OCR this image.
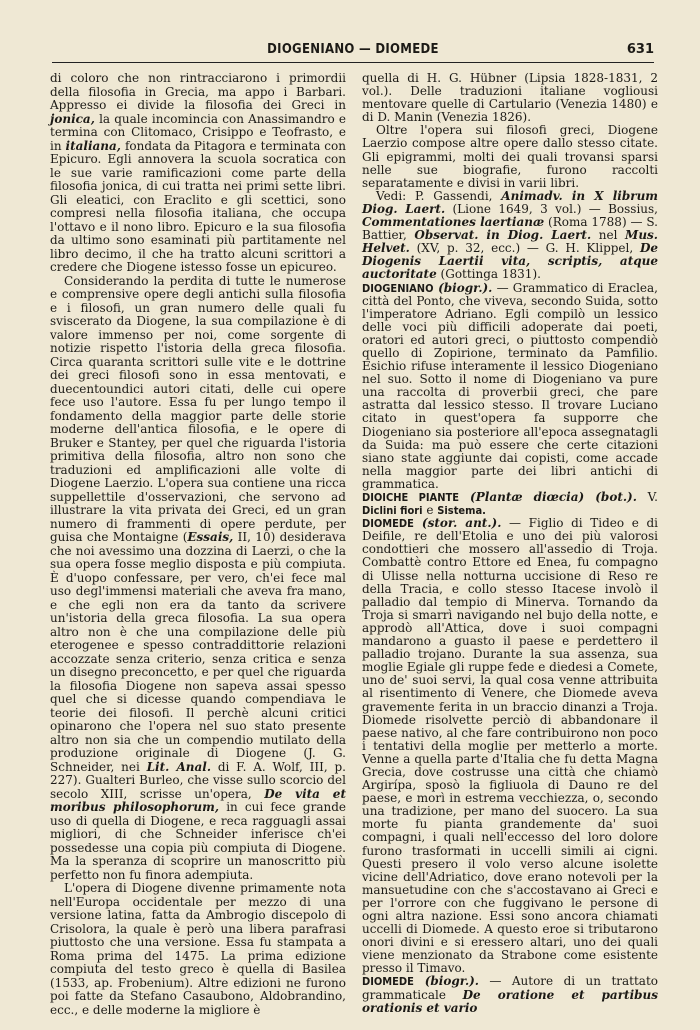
DIOGENIANO — DIOMEDE	631

di coloro che non rintracciarono i primordii della filosofia in Grecia, ma appo i Barbari. Appresso ei divide la filosofia dei Greci in jonica, la quale incomincia con Anassimandro e termina con Clitomaco, Crisippo e Teofrasto, e in italiana, fondata da Pitagora e terminata con Epicuro. Egli annovera la scuola socratica con le sue varie ramificazioni come parte della filosofia jonica, di cui tratta nei primi sette libri. Gli eleatici, con Eraclito e gli scettici, sono compresi nella filosofia italiana, che occupa l'ottavo e il nono libro. Epicuro e la sua filosofia da ultimo sono esaminati più partitamente nel libro decimo, il che ha tratto alcuni scrittori a credere che Diogene istesso fosse un epicureo.

Considerando la perdita di tutte le numerose e comprensive opere degli antichi sulla filosofia e i filosofi, un gran numero delle quali fu sviscerato da Diogene, la sua compilazione è di valore immenso per noi, come sorgente di notizie rispetto l'istoria della greca filosofia. Circa quaranta scrittori sulle vite e le dottrine dei greci filosofi sono in essa mentovati, e duecentoundici autori citati, delle cui opere fece uso l'autore. Essa fu per lungo tempo il fondamento della maggior parte delle storie moderne dell'antica filosofia, e le opere di Bruker e Stantey, per quel che riguarda l'istoria primitiva della filosofia, altro non sono che traduzioni ed amplificazioni alle volte di Diogene Laerzio. L'opera sua contiene una ricca suppellettile d'osservazioni, che servono ad illustrare la vita privata dei Greci, ed un gran numero di frammenti di opere perdute, per guisa che Montaigne (Essais, II, 10) desiderava che noi avessimo una dozzina di Laerzi, o che la sua opera fosse meglio disposta e più compiuta. È d'uopo confessare, per vero, ch'ei fece mal uso degl'immensi materiali che aveva fra mano, e che egli non era da tanto da scrivere un'istoria della greca filosofia. La sua opera altro non è che una compilazione delle più eterogenee e spesso contraddittorie relazioni accozzate senza criterio, senza critica e senza un disegno preconcetto, e per quel che riguarda la filosofia Diogene non sapeva assai spesso quel che si dicesse quando compendiava le teorie dei filosofi. Il perchè alcuni critici opinarono che l'opera nel suo stato presente altro non sia che un compendio mutilato della produzione originale di Diogene (J. G. Schneider, nei Lit. Anal. di F. A. Wolf, III, p. 227). Gualteri Burleo, che visse sullo scorcio del secolo XIII, scrisse un'opera, De vita et moribus philosophorum, in cui fece grande uso di quella di Diogene, e reca ragguagli assai migliori, di che Schneider inferisce ch'ei possedesse una copia più compiuta di Diogene. Ma la speranza di scoprire un manoscritto più perfetto non fu finora adempiuta.

L'opera di Diogene divenne primamente nota nell'Europa occidentale per mezzo di una versione latina, fatta da Ambrogio discepolo di Crisolora, la quale è però una libera parafrasi piuttosto che una versione. Essa fu stampata a Roma prima del 1475. La prima edizione compiuta del testo greco è quella di Basilea (1533, ap. Frobenium). Altre edizioni ne furono poi fatte da Stefano Casaubono, Aldobrandino, ecc., e delle moderne la migliore è

quella di H. G. Hübner (Lipsia 1828-1831, 2 vol.). Delle traduzioni italiane vogliousi mentovare quelle di Cartulario (Venezia 1480) e di D. Manin (Venezia 1826).

Oltre l'opera sui filosofi greci, Diogene Laerzio compose altre opere dallo stesso citate. Gli epigrammi, molti dei quali trovansi sparsi nelle sue biografie, furono raccolti separatamente e divisi in varii libri.

Vedi: P. Gassendi, Animadv. in X librum Diog. Laert. (Lione 1649, 3 vol.) — Bossius, Commentationes laertianæ (Roma 1788) — S. Battier, Observat. in Diog. Laert. nel Mus. Helvet. (XV, p. 32, ecc.) — G. H. Klippel, De Diogenis Laertii vita, scriptis, atque auctoritate (Gottinga 1831).

DIOGENIANO (biogr.). — Grammatico di Eraclea, città del Ponto, che viveva, secondo Suida, sotto l'imperatore Adriano. Egli compilò un lessico delle voci più difficili adoperate dai poeti, oratori ed autori greci, o piuttosto compendiò quello di Zopirione, terminato da Pamfilio. Esichio rifuse interamente il lessico Diogeniano nel suo. Sotto il nome di Diogeniano va pure una raccolta di proverbii greci, che pare astratta dal lessico stesso. Il trovare Luciano citato in quest'opera fa supporre che Diogeniano sia posteriore all'epoca assegnatagli da Suida: ma può essere che certe citazioni siano state aggiunte dai copisti, come accade nella maggior parte dei libri antichi di grammatica.

DIOICHE PIANTE (Plantæ diœcia) (bot.). V. Diclini fiori e Sistema.

DIOMEDE (stor. ant.). — Figlio di Tideo e di Deifile, re dell'Etolia e uno dei più valorosi condottieri che mossero all'assedio di Troja. Combattè contro Ettore ed Enea, fu compagno di Ulisse nella notturna uccisione di Reso re della Tracia, e collo stesso Itacese involò il palladio dal tempio di Minerva. Tornando da Troja si smarrì navigando nel bujo della notte, e approdò all'Attica, dove i suoi compagni mandarono a guasto il paese e perdettero il palladio trojano. Durante la sua assenza, sua moglie Egiale gli ruppe fede e diedesi a Comete, uno de' suoi servi, la qual cosa venne attribuita al risentimento di Venere, che Diomede aveva gravemente ferita in un braccio dinanzi a Troja. Diomede risolvette perciò di abbandonare il paese nativo, al che fare contribuirono non poco i tentativi della moglie per metterlo a morte. Venne a quella parte d'Italia che fu detta Magna Grecia, dove costrusse una città che chiamò Argirípa, sposò la figliuola di Dauno re del paese, e morì in estrema vecchiezza, o, secondo una tradizione, per mano del suocero. La sua morte fu pianta grandemente da' suoi compagni, i quali nell'eccesso del loro dolore furono trasformati in uccelli simili ai cigni. Questi presero il volo verso alcune isolette vicine dell'Adriatico, dove erano notevoli per la mansuetudine con che s'accostavano ai Greci e per l'orrore con che fuggivano le persone di ogni altra nazione. Essi sono ancora chiamati uccelli di Diomede. A questo eroe si tributarono onori divini e si eressero altari, uno dei quali viene menzionato da Strabone come esistente presso il Timavo.

DIOMEDE (biogr.). — Autore di un trattato grammaticale De oratione et partibus orationis et vario
